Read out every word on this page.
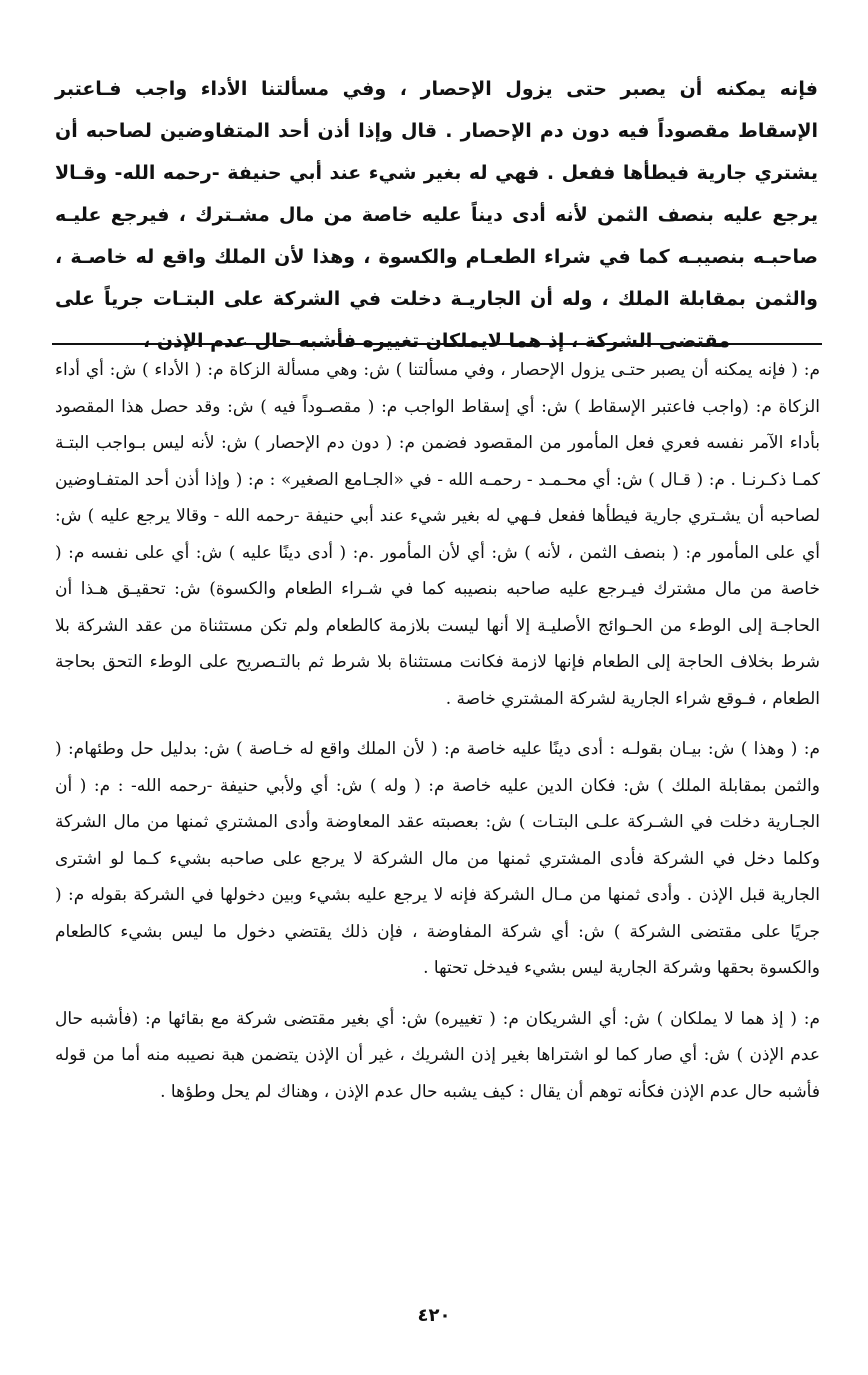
فإنه يمكنه أن يصبر حتى يزول الإحصار ، وفي مسألتنا الأداء واجب فـاعتبر الإسقاط مقصوداً فيه دون دم الإحصار . قال وإذا أذن أحد المتفاوضين لصاحبه أن يشتري جارية فيطأها ففعل . فهي له بغير شيء عند أبي حنيفة -رحمه الله- وقـالا يرجع عليه بنصف الثمن لأنه أدى ديناً عليه خاصة من مال مشـترك ، فيرجع عليـه صاحبـه بنصيبـه كما في شراء الطعـام والكسوة ، وهذا لأن الملك واقع له خاصـة ، والثمن بمقابلة الملك ، وله أن الجاريـة دخلت في الشركة على البتـات جرياً على مقتضى الشركة ، إذ هما لايملكان تغييره فأشبه حال عدم الإذن ،

م: ( فإنه يمكنه أن يصبر حتـى يزول الإحصار ، وفي مسألتنا ) ش: وهي مسألة الزكاة م: ( الأداء ) ش: أي أداء الزكاة م: (واجب فاعتبر الإسقاط ) ش: أي إسقاط الواجب م: ( مقصـوداً فيه ) ش: وقد حصل هذا المقصود بأداء الآمر نفسه فعري فعل المأمور من المقصود فضمن م: ( دون دم الإحصار ) ش: لأنه ليس بـواجب البتـة كمـا ذكـرنـا . م: ( قـال ) ش: أي محـمـد - رحمـه الله - في «الجـامع الصغير» : م: ( وإذا أذن أحد المتفـاوضين لصاحبه أن يشـتري جارية فيطأها ففعل فـهي له بغير شيء عند أبي حنيفة -رحمه الله - وقالا يرجع عليه ) ش: أي على المأمور م: ( بنصف الثمن ، لأنه ) ش: أي لأن المأمور .م: ( أدى دينًا عليه ) ش: أي على نفسه م: ( خاصة من مال مشترك فيـرجع عليه صاحبه بنصيبه كما في شـراء الطعام والكسوة) ش: تحقيـق هـذا أن الحاجـة إلى الوطء من الحـوائج الأصليـة إلا أنها ليست بلازمة كالطعام ولم تكن مستثناة من عقد الشركة بلا شرط بخلاف الحاجة إلى الطعام فإنها لازمة فكانت مستثناة بلا شرط ثم بالتـصريح على الوطء التحق بحاجة الطعام ، فـوقع شراء الجارية لشركة المشتري خاصة .

م: ( وهذا ) ش: بيـان بقولـه : أدى دينًا عليه خاصة م: ( لأن الملك واقع له خـاصة ) ش: بدليل حل وطئهام: ( والثمن بمقابلة الملك ) ش: فكان الدين عليه خاصة م: ( وله ) ش: أي ولأبي حنيفة -رحمه الله- : م: ( أن الجـارية دخلت في الشـركة علـى البتـات ) ش: بعصبته عقد المعاوضة وأدى المشتري ثمنها من مال الشركة وكلما دخل في الشركة فأدى المشتري ثمنها من مال الشركة لا يرجع على صاحبه بشيء كـما لو اشترى الجارية قبل الإذن . وأدى ثمنها من مـال الشركة فإنه لا يرجع عليه بشيء وبين دخولها في الشركة بقوله م: ( جريًا على مقتضى الشركة ) ش: أي شركة المفاوضة ، فإن ذلك يقتضي دخول ما ليس بشيء كالطعام والكسوة بحقها وشركة الجارية ليس بشيء فيدخل تحتها .

م: ( إذ هما لا يملكان ) ش: أي الشريكان م: ( تغييره) ش: أي بغير مقتضى شركة مع بقائها م: (فأشبه حال عدم الإذن ) ش: أي صار كما لو اشتراها بغير إذن الشريك ، غير أن الإذن يتضمن هبة نصيبه منه أما من قوله فأشبه حال عدم الإذن فكأنه توهم أن يقال : كيف يشبه حال عدم الإذن ، وهناك لم يحل وطؤها .

٤٢٠
